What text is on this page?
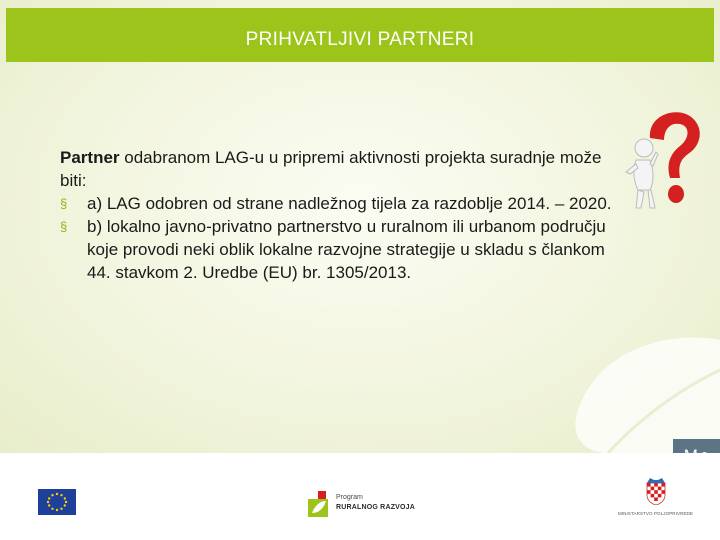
PRIHVATLJIVI PARTNERI

Partner odabranom LAG-u u pripremi aktivnosti projekta suradnje može biti:

§ a) LAG odobren od strane nadležnog tijela za razdoblje 2014. – 2020.
§ b) lokalno javno-privatno partnerstvo u ruralnom ili urbanom području koje provodi neki oblik lokalne razvojne strategije u skladu s člankom 44. stavkom 2. Uredbe (EU) br. 1305/2013.
Program
RURALNOG RAZVOJA
MINISTARSTVO POLJOPRIVREDE
